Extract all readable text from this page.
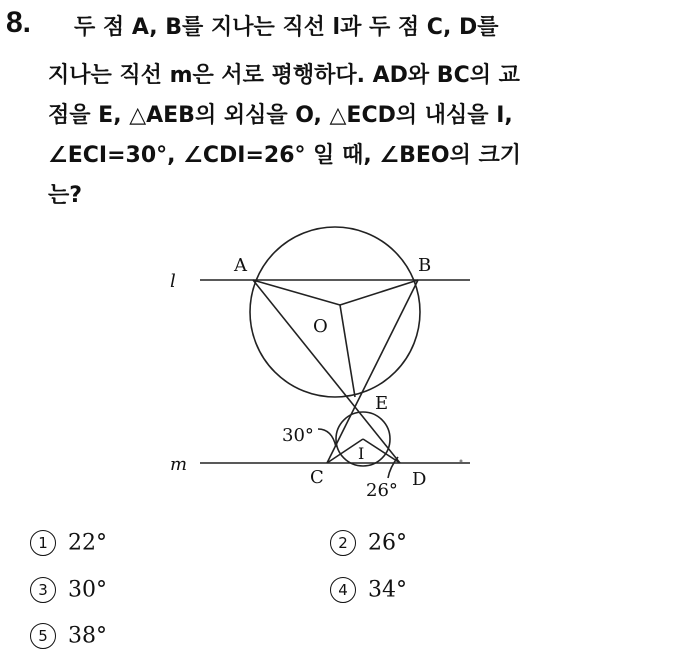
8. 두 점 A, B를 지나는 직선 l과 두 점 C, D를
지나는 직선 m은 서로 평행하다. AD와 BC의 교
점을 E, △AEB의 외심을 O, △ECD의 내심을 I,
∠ECI=30°, ∠CDI=26° 일 때, ∠BEO의 크기
는?
l
m
A	B
O
E
C	D
I
30°
26°
1 22°	2 26°
3 30°	4 34°
5 38°
